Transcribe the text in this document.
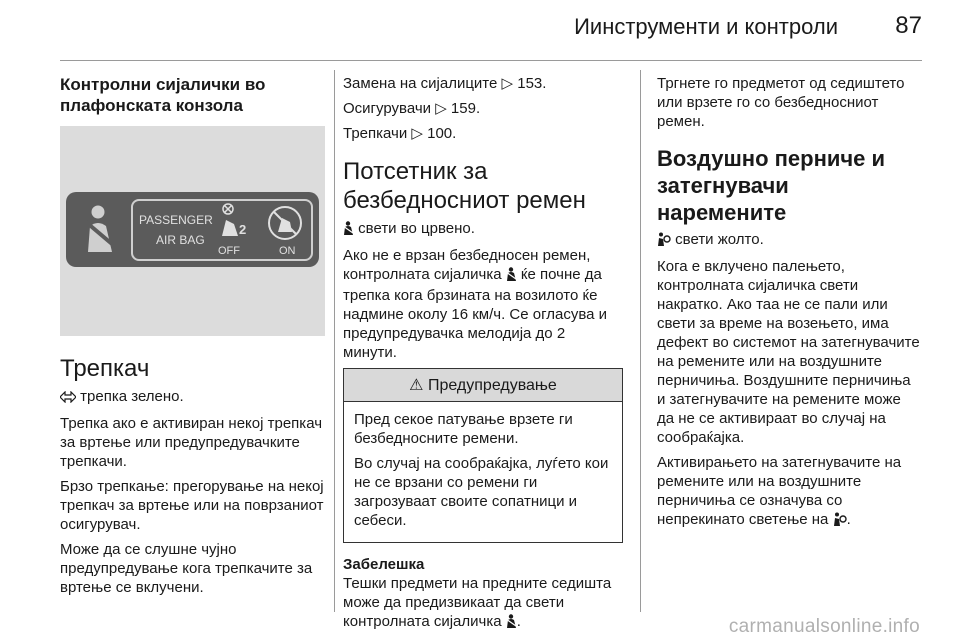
Иинструменти и контроли 87
Контролни сијалички во плафонската конзола
PASSENGER
AIR BAG
2
OFF	ON
Трепкач

трепка зелено.

Трепка ако е активиран некој трепкач за вртење или предупредувачките трепкачи.

Брзо трепкање: прегорување на некој трепкач за вртење или на поврзаниот осигурувач.

Може да се слушне чујно предупредување кога трепкачите за вртење се вклучени.

Замена на сијалиците ▷ 153.

Осигурувачи ▷ 159.

Трепкачи ▷ 100.

Потсетник за безбедносниот ремен

свети во црвено.

Ако не е врзан безбедносен ремен, контролната сијаличка ќе почне да трепка кога брзината на возилото ќе надмине околу 16 км/ч. Се огласува и предупредувачка мелодија до 2 минути.

⚠ Предупредување

Пред секое патување врзете ги безбедносните ремени.

Во случај на сообраќајка, луѓето кои не се врзани со ремени ги загрозуваат своите сопатници и себеси.

Забелешка

Тешки предмети на предните седишта може да предизвикаат да свети контролната сијаличка .

Тргнете го предметот од седиштето или врзете го со безбедносниот ремен.

Воздушно перниче и затегнувачи наремените

свети жолто.

Кога е вклучено палењето, контролната сијаличка свети накратко. Ако таа не се пали или свети за време на возењето, има дефект во системот на затегнувачите на ремените или на воздушните перничиња. Воздушните перничиња и затегнувачите на ремените може да не се активираат во случај на сообраќајка.

Активирањето на затегнувачите на ремените или на воздушните перничиња се означува со непрекинато светење на .

carmanualsonline.info
